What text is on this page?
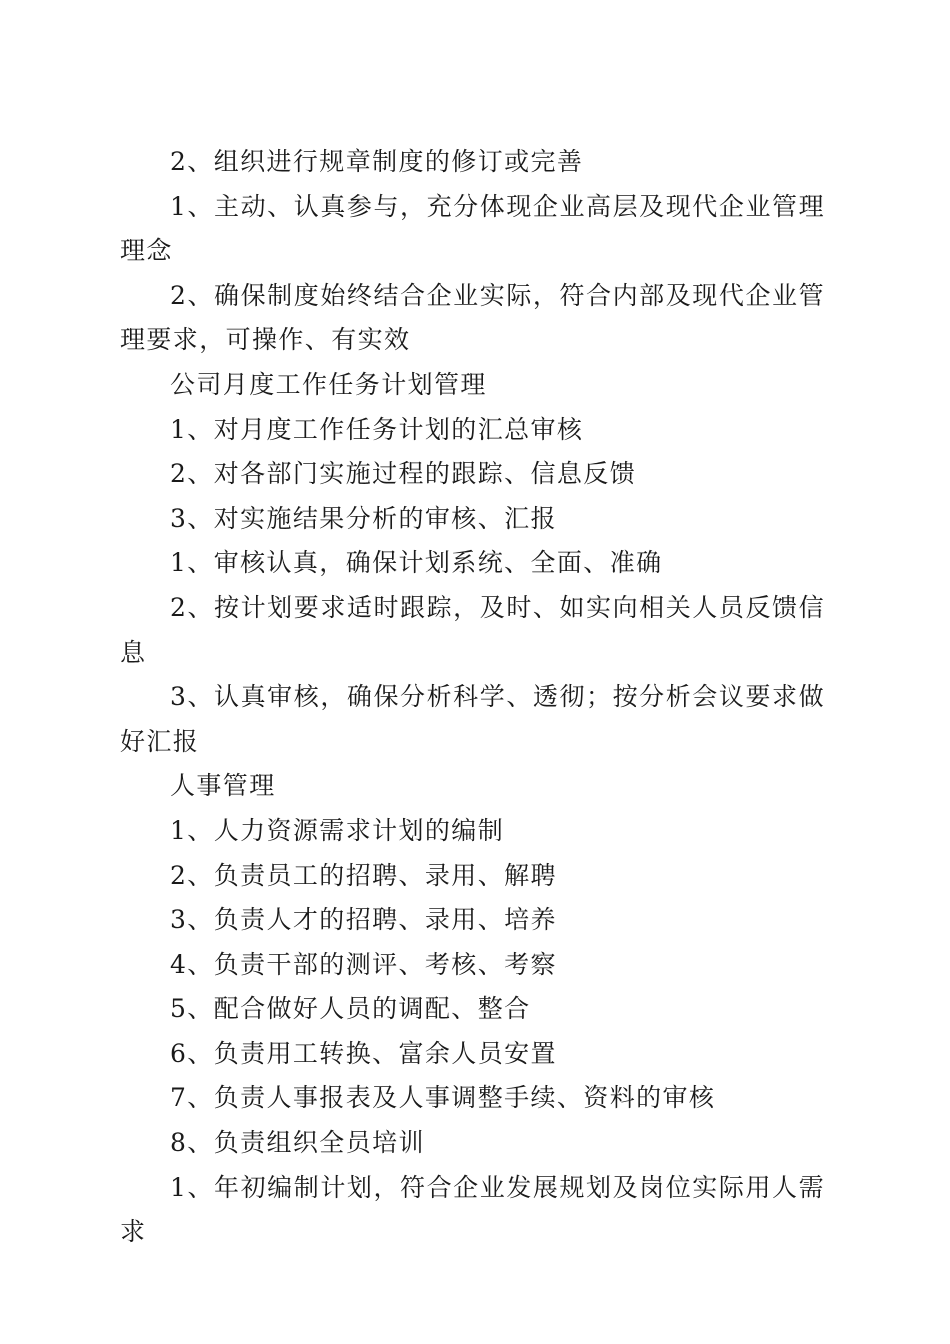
2、组织进行规章制度的修订或完善

1、主动、认真参与，充分体现企业高层及现代企业管理理念

2、确保制度始终结合企业实际，符合内部及现代企业管理要求，可操作、有实效

公司月度工作任务计划管理

1、对月度工作任务计划的汇总审核

2、对各部门实施过程的跟踪、信息反馈

3、对实施结果分析的审核、汇报

1、审核认真，确保计划系统、全面、准确

2、按计划要求适时跟踪，及时、如实向相关人员反馈信息

3、认真审核，确保分析科学、透彻；按分析会议要求做好汇报

人事管理

1、人力资源需求计划的编制

2、负责员工的招聘、录用、解聘

3、负责人才的招聘、录用、培养

4、负责干部的测评、考核、考察

5、配合做好人员的调配、整合

6、负责用工转换、富余人员安置

7、负责人事报表及人事调整手续、资料的审核

8、负责组织全员培训

1、年初编制计划，符合企业发展规划及岗位实际用人需求
